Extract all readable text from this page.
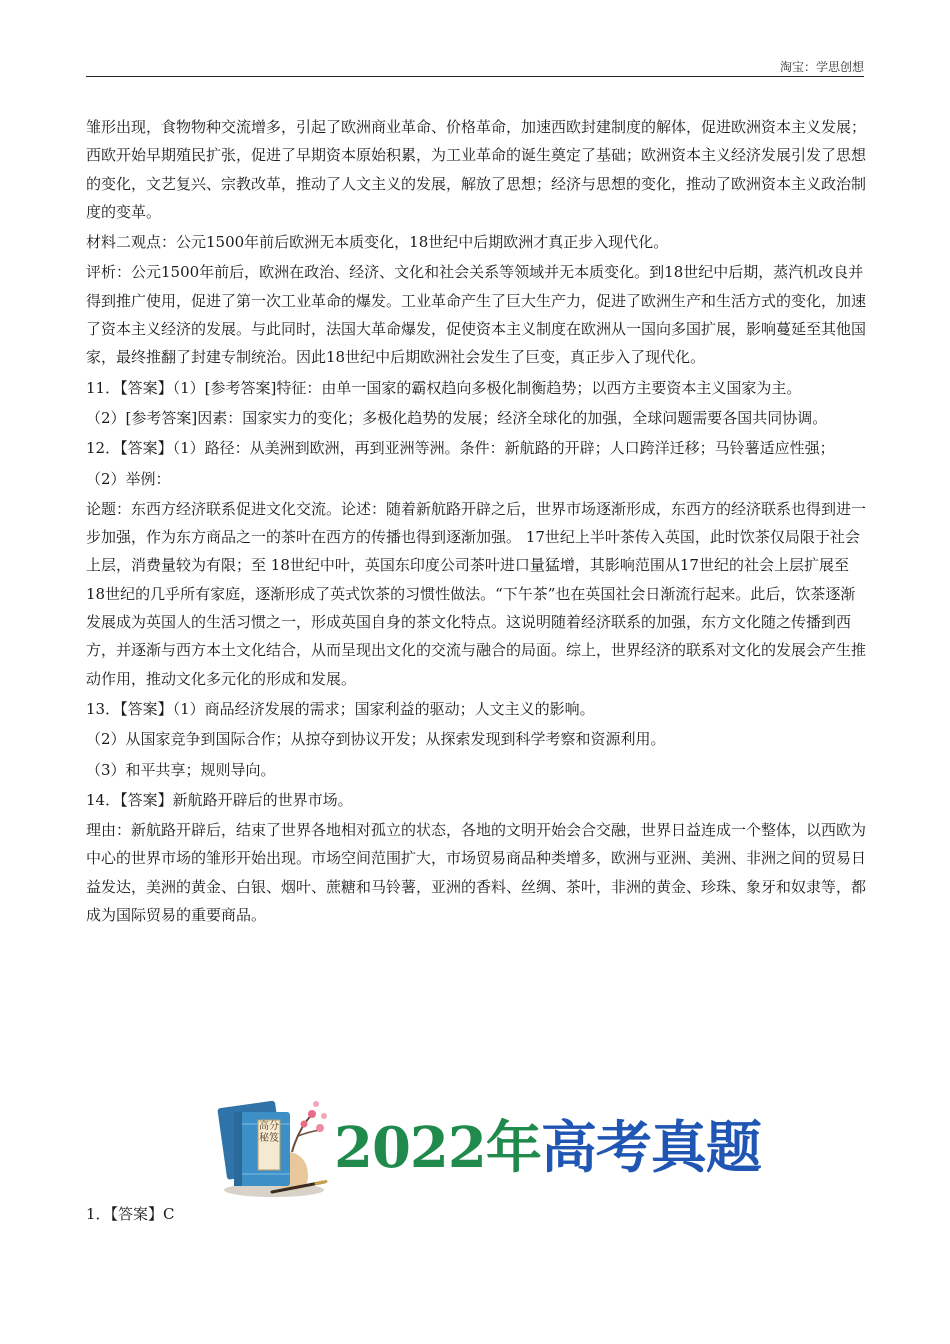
淘宝：学思创想

雏形出现，食物物种交流增多，引起了欧洲商业革命、价格革命，加速西欧封建制度的解体，促进欧洲资本主义发展；西欧开始早期殖民扩张，促进了早期资本原始积累，为工业革命的诞生奠定了基础；欧洲资本主义经济发展引发了思想的变化，文艺复兴、宗教改革，推动了人文主义的发展，解放了思想；经济与思想的变化，推动了欧洲资本主义政治制度的变革。

材料二观点：公元1500年前后欧洲无本质变化，18世纪中后期欧洲才真正步入现代化。

评析：公元1500年前后，欧洲在政治、经济、文化和社会关系等领域并无本质变化。到18世纪中后期，蒸汽机改良并得到推广使用，促进了第一次工业革命的爆发。工业革命产生了巨大生产力，促进了欧洲生产和生活方式的变化，加速了资本主义经济的发展。与此同时，法国大革命爆发，促使资本主义制度在欧洲从一国向多国扩展，影响蔓延至其他国家，最终推翻了封建专制统治。因此18世纪中后期欧洲社会发生了巨变，真正步入了现代化。

11．【答案】（1）[参考答案]特征：由单一国家的霸权趋向多极化制衡趋势；以西方主要资本主义国家为主。

（2）[参考答案]因素：国家实力的变化；多极化趋势的发展；经济全球化的加强，全球问题需要各国共同协调。

12．【答案】（1）路径：从美洲到欧洲，再到亚洲等洲。条件：新航路的开辟；人口跨洋迁移；马铃薯适应性强；

（2）举例：

论题：东西方经济联系促进文化交流。论述：随着新航路开辟之后，世界市场逐渐形成，东西方的经济联系也得到进一步加强，作为东方商品之一的茶叶在西方的传播也得到逐渐加强。 17世纪上半叶茶传入英国，此时饮茶仅局限于社会上层，消费量较为有限；至 18世纪中叶，英国东印度公司茶叶进口量猛增，其影响范围从17世纪的社会上层扩展至18世纪的几乎所有家庭，逐渐形成了英式饮茶的习惯性做法。“下午茶”也在英国社会日渐流行起来。此后，饮茶逐渐发展成为英国人的生活习惯之一，形成英国自身的茶文化特点。这说明随着经济联系的加强，东方文化随之传播到西方，并逐渐与西方本土文化结合，从而呈现出文化的交流与融合的局面。综上，世界经济的联系对文化的发展会产生推动作用，推动文化多元化的形成和发展。

13．【答案】（1）商品经济发展的需求；国家利益的驱动；人文主义的影响。

（2）从国家竞争到国际合作；从掠夺到协议开发；从探索发现到科学考察和资源利用。

（3）和平共享；规则导向。

14．【答案】新航路开辟后的世界市场。

理由：新航路开辟后，结束了世界各地相对孤立的状态，各地的文明开始会合交融，世界日益连成一个整体，以西欧为中心的世界市场的雏形开始出现。市场空间范围扩大，市场贸易商品种类增多，欧洲与亚洲、美洲、非洲之间的贸易日益发达，美洲的黄金、白银、烟叶、蔗糖和马铃薯，亚洲的香料、丝绸、茶叶，非洲的黄金、珍珠、象牙和奴隶等，都成为国际贸易的重要商品。

高分秘笈 2022年高考真题
1．【答案】C
